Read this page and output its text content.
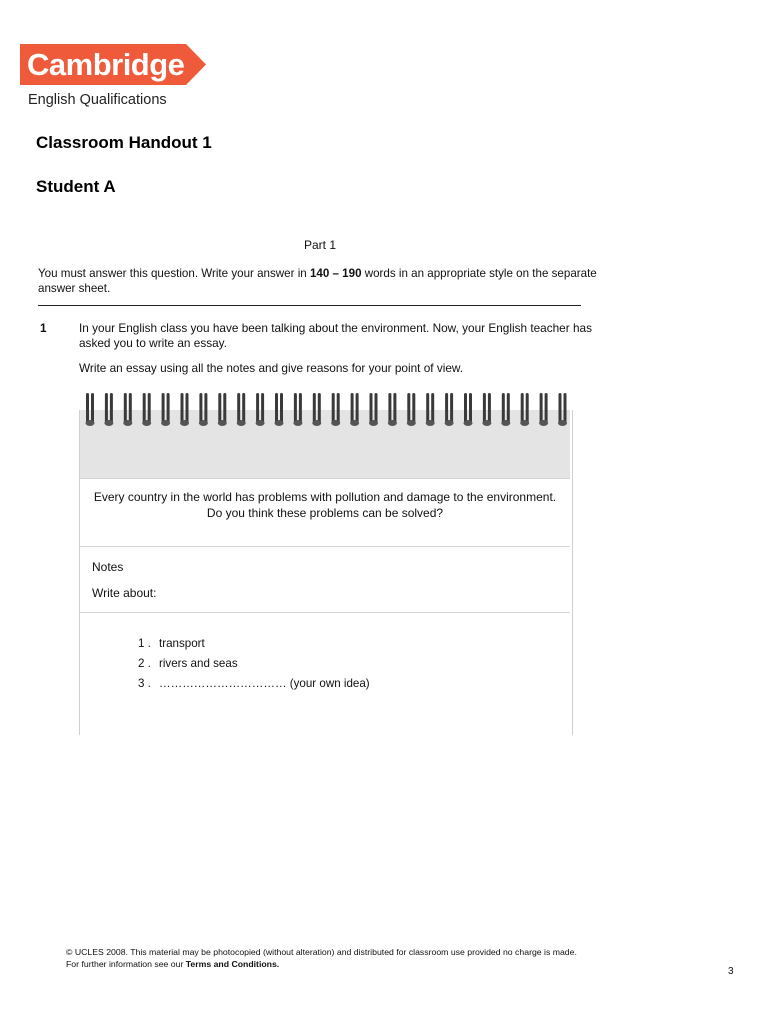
Cambridge
English Qualifications
Classroom Handout 1
Student A
Part 1
You must answer this question. Write your answer in 140 – 190 words in an appropriate style on the separate answer sheet.
1	In your English class you have been talking about the environment. Now, your English teacher has asked you to write an essay.
Write an essay using all the notes and give reasons for your point of view.
Every country in the world has problems with pollution and damage to the environment.
Do you think these problems can be solved?
Notes
Write about:
1 . transport
2 . rivers and seas
3 . …………………………… (your own idea)
© UCLES 2008. This material may be photocopied (without alteration) and distributed for classroom use provided no charge is made.
For further information see our Terms and Conditions.
3
